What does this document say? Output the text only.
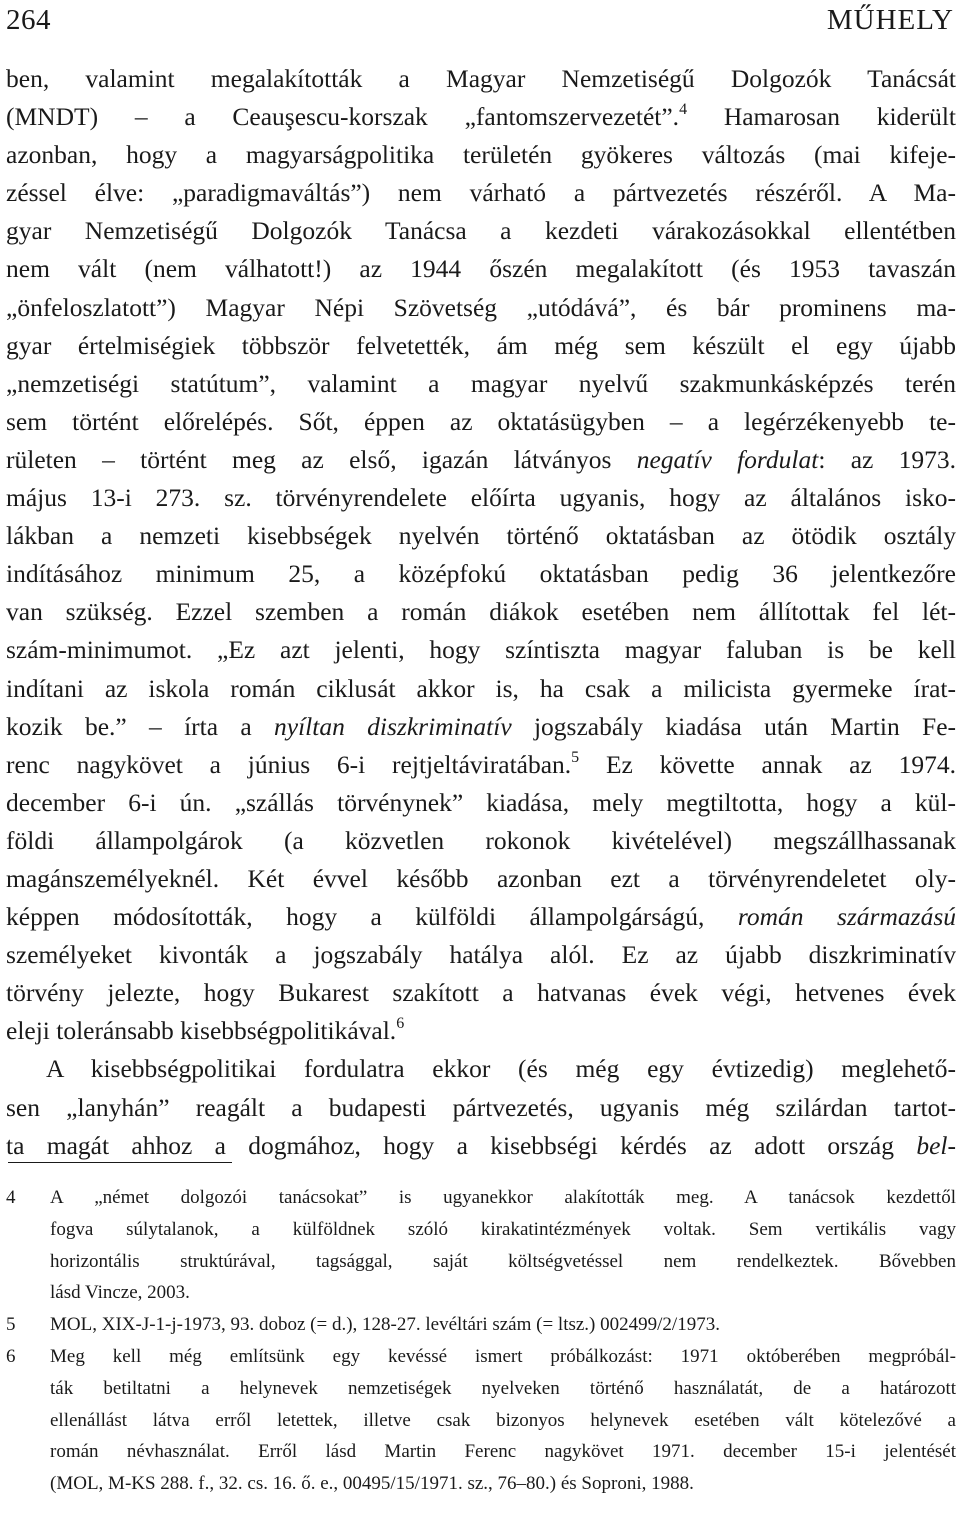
264	MŰHELY

ben, valamint megalakították a Magyar Nemzetiségű Dolgozók Tanácsát
(MNDT) – a Ceauşescu-korszak „fantomszervezetét”.$^4$ Hamarosan kiderült
azonban, hogy a magyarságpolitika területén gyökeres változás (mai kifeje-
zéssel élve: „paradigmaváltás”) nem várható a pártvezetés részéről. A Ma-
gyar Nemzetiségű Dolgozók Tanácsa a kezdeti várakozásokkal ellentétben
nem vált (nem válhatott!) az 1944 őszén megalakított (és 1953 tavaszán
„önfeloszlatott”) Magyar Népi Szövetség „utódává”, és bár prominens ma-
gyar értelmiségiek többször felvetették, ám még sem készült el egy újabb
„nemzetiségi statútum”, valamint a magyar nyelvű szakmunkásképzés terén
sem történt előrelépés. Sőt, éppen az oktatásügyben – a legérzékenyebb te-
rületen – történt meg az első, igazán látványos negatív fordulat: az 1973.
május 13-i 273. sz. törvényrendelete előírta ugyanis, hogy az általános isko-
lákban a nemzeti kisebbségek nyelvén történő oktatásban az ötödik osztály
indításához minimum 25, a középfokú oktatásban pedig 36 jelentkezőre
van szükség. Ezzel szemben a román diákok esetében nem állítottak fel lét-
szám-minimumot. „Ez azt jelenti, hogy színtiszta magyar faluban is be kell
indítani az iskola román ciklusát akkor is, ha csak a milicista gyermeke írat-
kozik be.” – írta a nyíltan diszkriminatív jogszabály kiadása után Martin Fe-
renc nagykövet a június 6-i rejtjeltáviratában.$^5$ Ez követte annak az 1974.
december 6-i ún. „szállás törvénynek” kiadása, mely megtiltotta, hogy a kül-
földi állampolgárok (a közvetlen rokonok kivételével) megszállhassanak
magánszemélyeknél. Két évvel később azonban ezt a törvényrendeletet oly-
képpen módosították, hogy a külföldi állampolgárságú, román származású
személyeket kivonták a jogszabály hatálya alól. Ez az újabb diszkriminatív
törvény jelezte, hogy Bukarest szakított a hatvanas évek végi, hetvenes évek
eleji toleránsabb kisebbségpolitikával.$^6$

A kisebbségpolitikai fordulatra ekkor (és még egy évtizedig) meglehető-
sen „lanyhán” reagált a budapesti pártvezetés, ugyanis még szilárdan tartot-
ta magát ahhoz a dogmához, hogy a kisebbségi kérdés az adott ország bel-

4 A „német dolgozói tanácsokat” is ugyanekkor alakították meg. A tanácsok kezdettől
fogva súlytalanok, a külföldnek szóló kirakatintézmények voltak. Sem vertikális vagy
horizontális struktúrával, tagsággal, saját költségvetéssel nem rendelkeztek. Bővebben
lásd Vincze, 2003.
5 MOL, XIX-J-1-j-1973, 93. doboz (= d.), 128-27. levéltári szám (= ltsz.) 002499/2/1973.
6 Meg kell még említsünk egy kevéssé ismert próbálkozást: 1971 októberében megpróbál-
ták betiltatni a helynevek nemzetiségek nyelveken történő használatát, de a határozott
ellenállást látva erről letettek, illetve csak bizonyos helynevek esetében vált kötelezővé a
román névhasználat. Erről lásd Martin Ferenc nagykövet 1971. december 15-i jelentését
(MOL, M-KS 288. f., 32. cs. 16. ő. e., 00495/15/1971. sz., 76–80.) és Soproni, 1988.
